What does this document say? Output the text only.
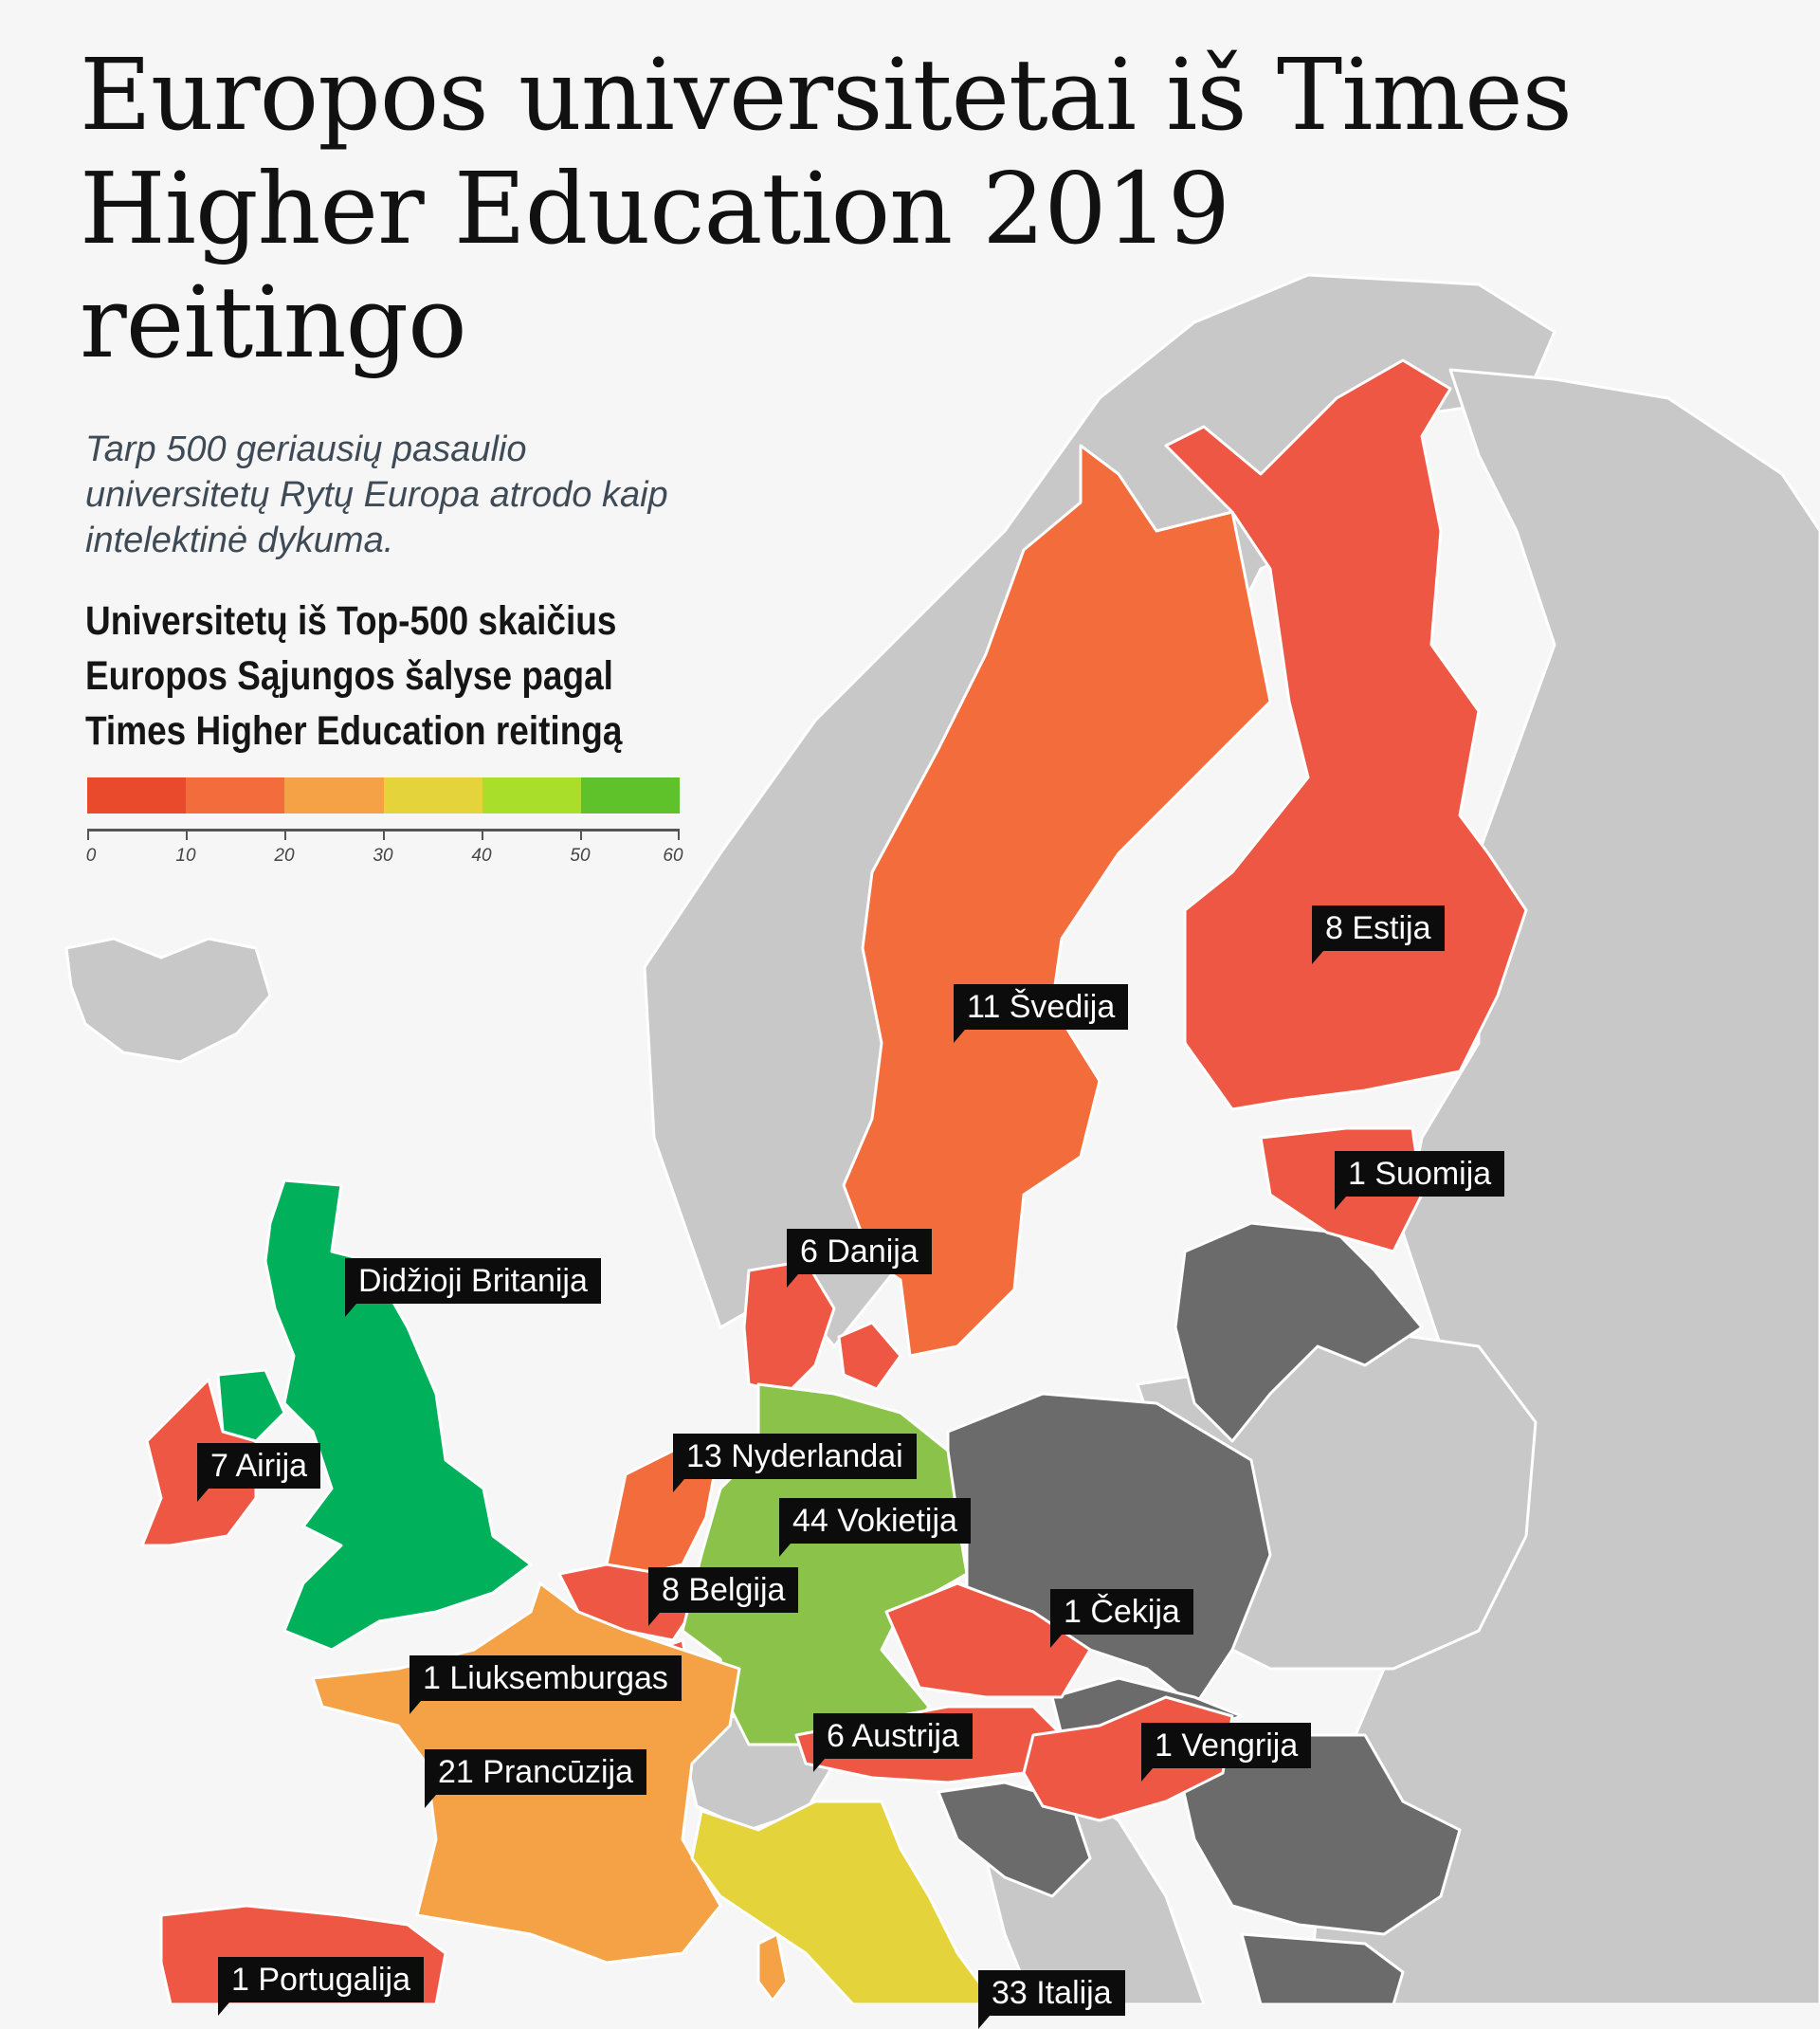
Europos universitetai iš Times Higher Education 2019 reitingo

Tarp 500 geriausių pasaulio universitetų Rytų Europa atrodo kaip intelektinė dykuma.

Universitetų iš Top-500 skaičius Europos Sąjungos šalyse pagal Times Higher Education reitingą

0	10	20	30	40	50	60
8 Estija
11 Švedija
1 Suomija
6 Danija
Didžioji Britanija
7 Airija	13 Nyderlandai
44 Vokietija
8 Belgija
1 Čekija
1 Liuksemburgas
6 Austrija	1 Vengrija
21 Prancūzija
1 Portugalija	33 Italija
